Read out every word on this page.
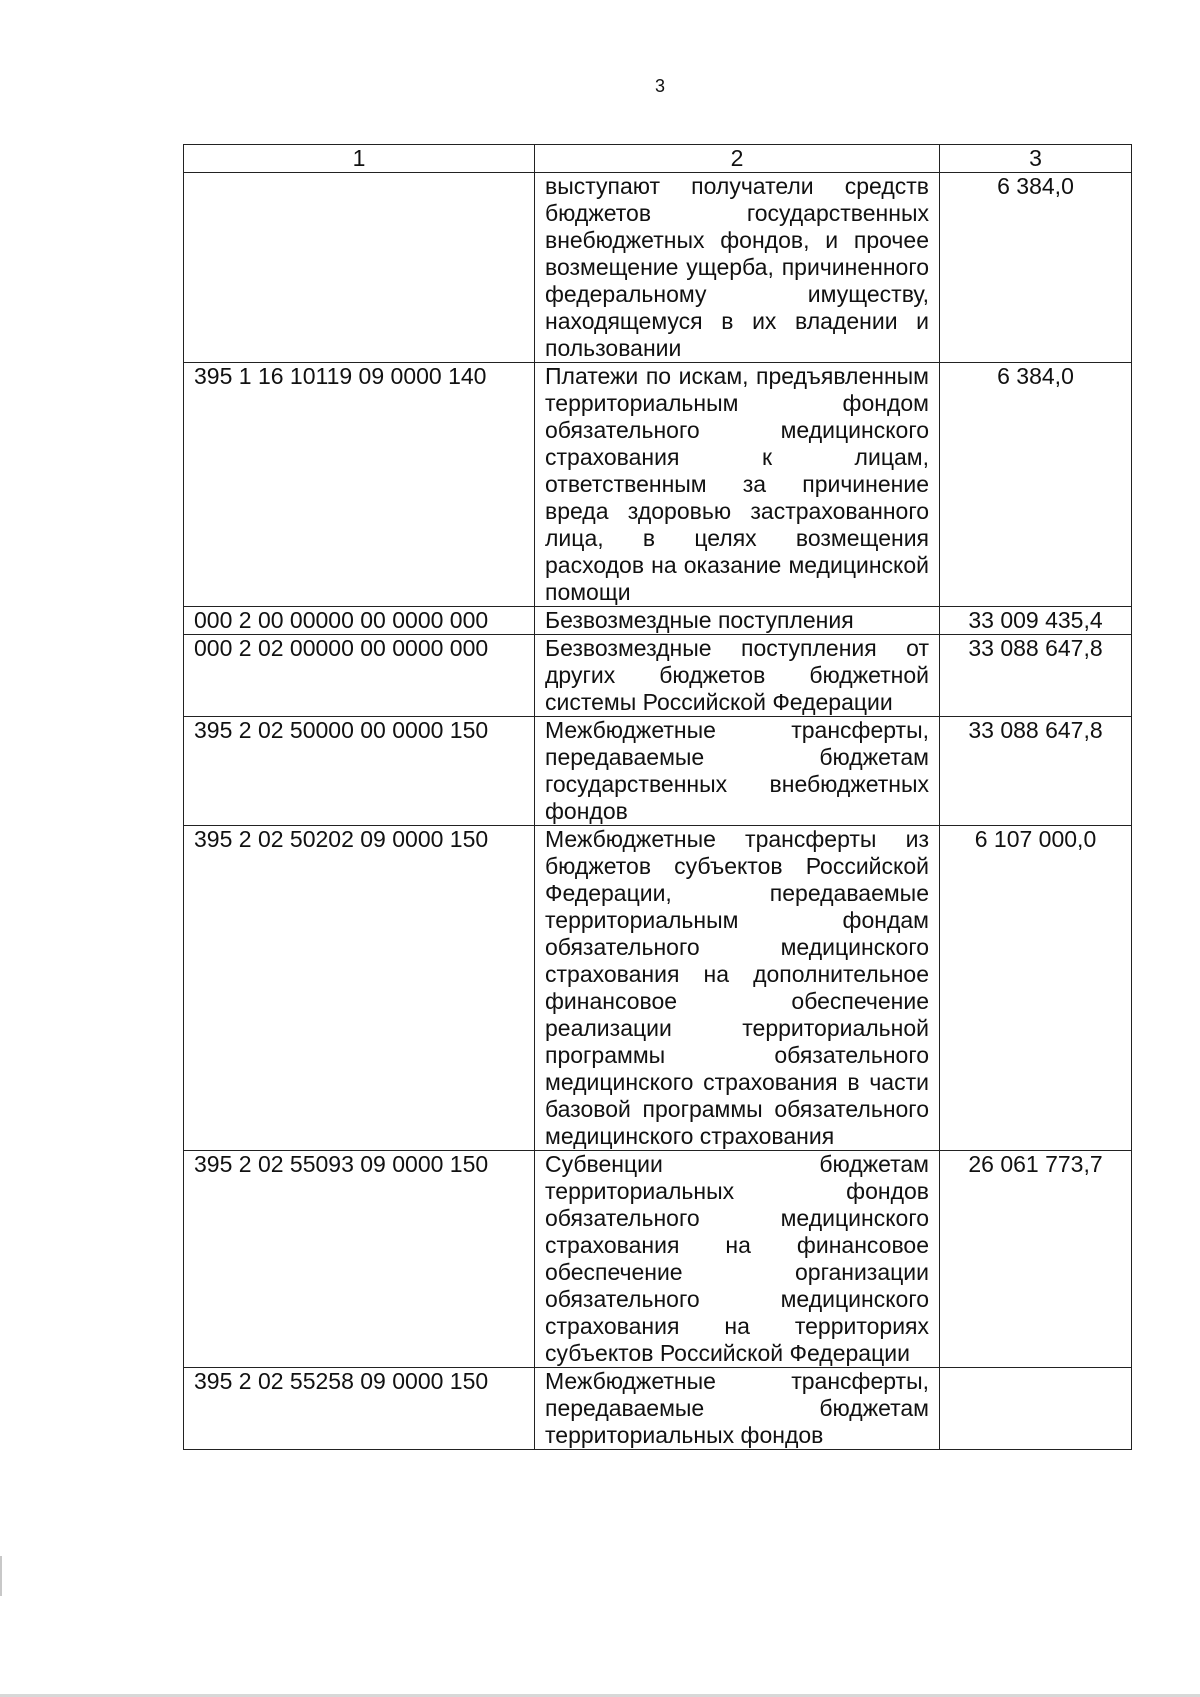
3
1	2	3
	выступают получатели средств бюджетов государственных внебюджетных фондов, и прочее возмещение ущерба, причиненного федеральному имуществу, находящемуся в их владении и пользовании	6 384,0
395 1 16 10119 09 0000 140	Платежи по искам, предъявленным территориальным фондом обязательного медицинского страхования к лицам, ответственным за причинение вреда здоровью застрахованного лица, в целях возмещения расходов на оказание медицинской помощи	6 384,0
000 2 00 00000 00 0000 000	Безвозмездные поступления	33 009 435,4
000 2 02 00000 00 0000 000	Безвозмездные поступления от других бюджетов бюджетной системы Российской Федерации	33 088 647,8
395 2 02 50000 00 0000 150	Межбюджетные трансферты, передаваемые бюджетам государственных внебюджетных фондов	33 088 647,8
395 2 02 50202 09 0000 150	Межбюджетные трансферты из бюджетов субъектов Российской Федерации, передаваемые территориальным фондам обязательного медицинского страхования на дополнительное финансовое обеспечение реализации территориальной программы обязательного медицинского страхования в части базовой программы обязательного медицинского страхования	6 107 000,0
395 2 02 55093 09 0000 150	Субвенции бюджетам территориальных фондов обязательного медицинского страхования на финансовое обеспечение организации обязательного медицинского страхования на территориях субъектов Российской Федерации	26 061 773,7
395 2 02 55258 09 0000 150	Межбюджетные трансферты, передаваемые бюджетам территориальных фондов	
